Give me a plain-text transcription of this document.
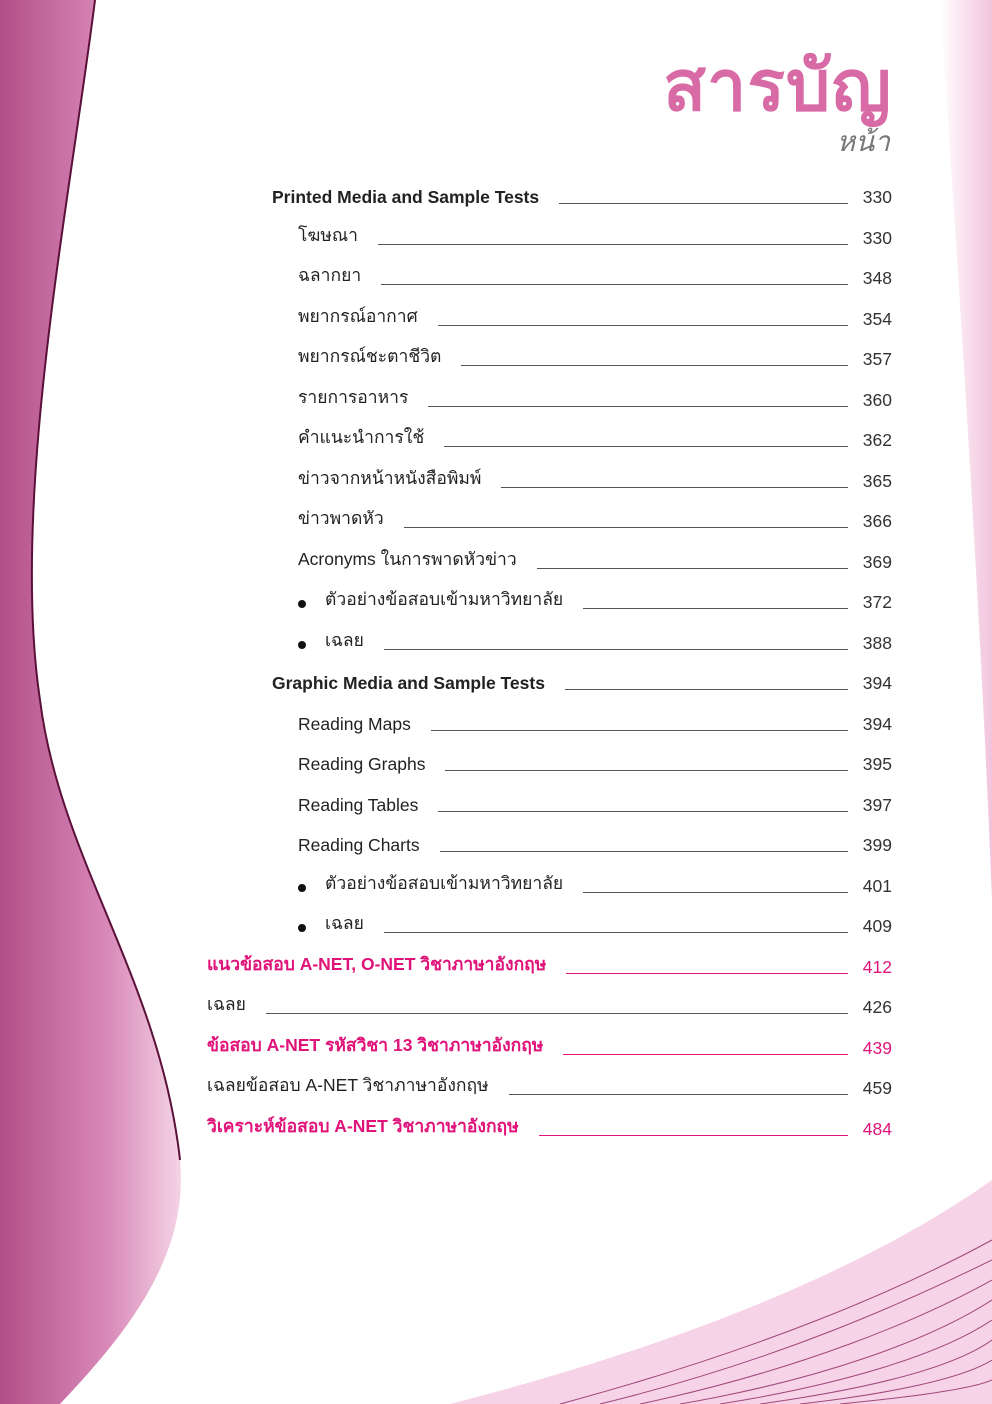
สารบัญ
หน้า
Printed Media and Sample Tests	330
โฆษณา	330
ฉลากยา	348
พยากรณ์อากาศ	354
พยากรณ์ชะตาชีวิต	357
รายการอาหาร	360
คำแนะนำการใช้	362
ข่าวจากหน้าหนังสือพิมพ์	365
ข่าวพาดหัว	366
Acronyms ในการพาดหัวข่าว	369
ตัวอย่างข้อสอบเข้ามหาวิทยาลัย	372
เฉลย	388
Graphic Media and Sample Tests	394
Reading Maps	394
Reading Graphs	395
Reading Tables	397
Reading Charts	399
ตัวอย่างข้อสอบเข้ามหาวิทยาลัย	401
เฉลย	409
แนวข้อสอบ A-NET, O-NET วิชาภาษาอังกฤษ	412
เฉลย	426
ข้อสอบ A-NET รหัสวิชา 13 วิชาภาษาอังกฤษ	439
เฉลยข้อสอบ A-NET วิชาภาษาอังกฤษ	459
วิเคราะห์ข้อสอบ A-NET วิชาภาษาอังกฤษ	484
